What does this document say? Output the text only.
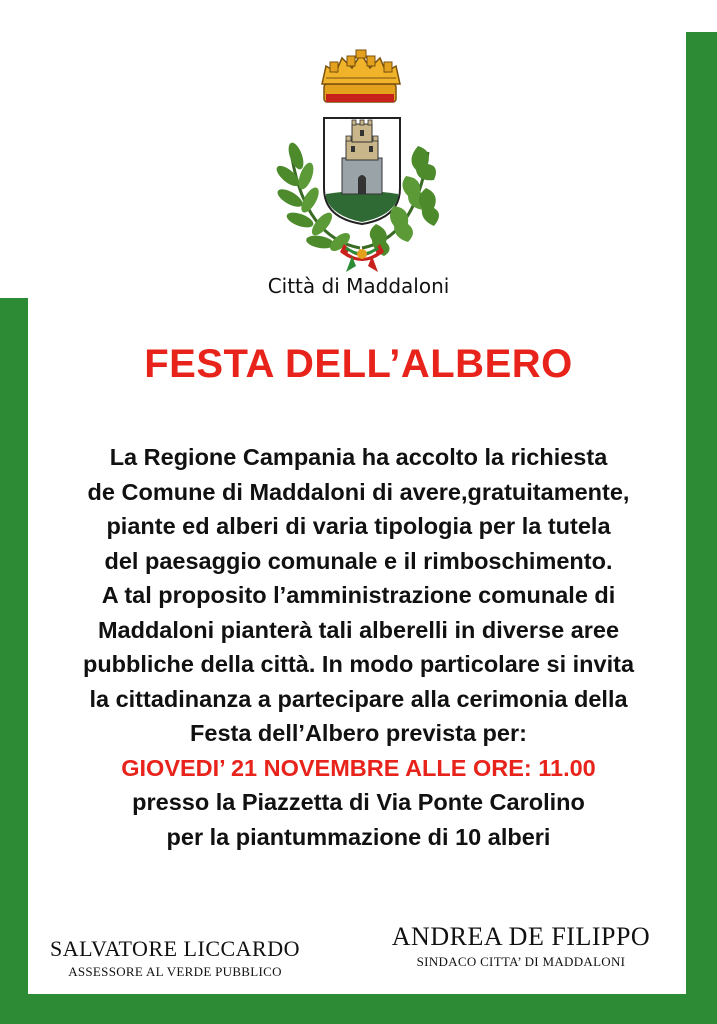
Città di Maddaloni
FESTA DELL’ALBERO
La Regione Campania ha accolto la richiesta
de Comune di Maddaloni di avere,gratuitamente,
piante ed alberi di varia tipologia per la tutela
del paesaggio comunale e il rimboschimento.
A tal proposito l’amministrazione comunale di
Maddaloni pianterà tali alberelli in diverse aree
pubbliche della città. In modo particolare si invita
la cittadinanza a partecipare alla cerimonia della
Festa dell’Albero prevista per:
GIOVEDI’ 21 NOVEMBRE ALLE ORE: 11.00
presso la Piazzetta di Via Ponte Carolino
per la piantummazione di 10 alberi
SALVATORE LICCARDO
ASSESSORE AL VERDE PUBBLICO
ANDREA DE FILIPPO
SINDACO CITTA’ DI MADDALONI
